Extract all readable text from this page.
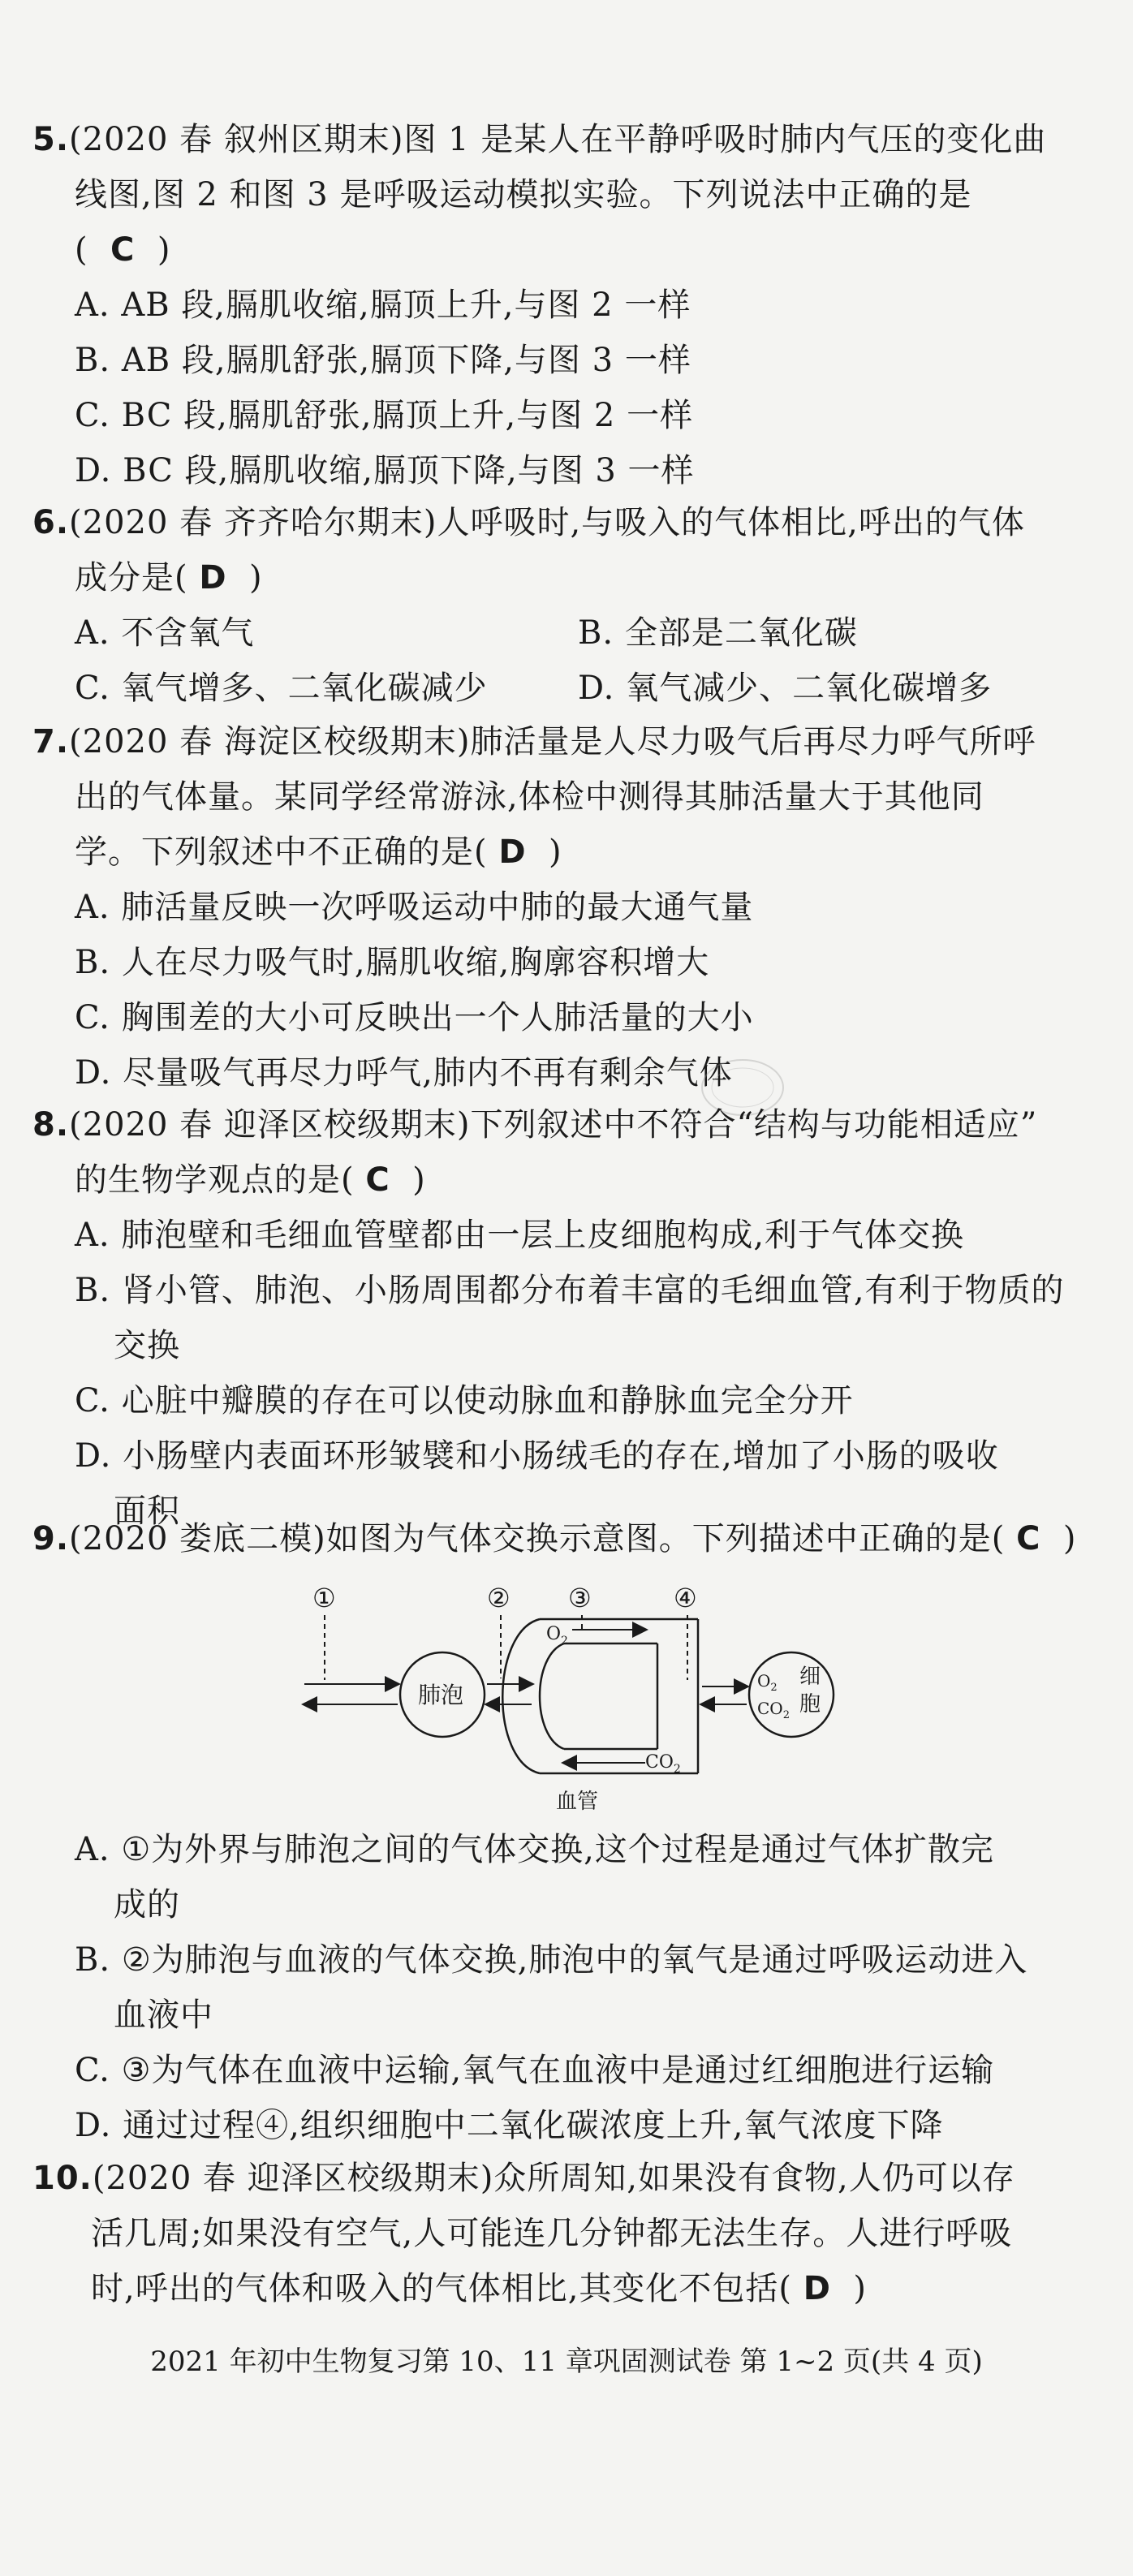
5.(2020 春 叙州区期末)图 1 是某人在平静呼吸时肺内气压的变化曲
线图,图 2 和图 3 是呼吸运动模拟实验。下列说法中正确的是
( C )
A. AB 段,膈肌收缩,膈顶上升,与图 2 一样
B. AB 段,膈肌舒张,膈顶下降,与图 3 一样
C. BC 段,膈肌舒张,膈顶上升,与图 2 一样
D. BC 段,膈肌收缩,膈顶下降,与图 3 一样
6.(2020 春 齐齐哈尔期末)人呼吸时,与吸入的气体相比,呼出的气体
成分是( D )
A. 不含氧气	B. 全部是二氧化碳
C. 氧气增多、二氧化碳减少	D. 氧气减少、二氧化碳增多
7.(2020 春 海淀区校级期末)肺活量是人尽力吸气后再尽力呼气所呼
出的气体量。某同学经常游泳,体检中测得其肺活量大于其他同
学。下列叙述中不正确的是( D )
A. 肺活量反映一次呼吸运动中肺的最大通气量
B. 人在尽力吸气时,膈肌收缩,胸廓容积增大
C. 胸围差的大小可反映出一个人肺活量的大小
D. 尽量吸气再尽力呼气,肺内不再有剩余气体
8.(2020 春 迎泽区校级期末)下列叙述中不符合“结构与功能相适应”
的生物学观点的是( C )
A. 肺泡壁和毛细血管壁都由一层上皮细胞构成,利于气体交换
B. 肾小管、肺泡、小肠周围都分布着丰富的毛细血管,有利于物质的
交换
C. 心脏中瓣膜的存在可以使动脉血和静脉血完全分开
D. 小肠壁内表面环形皱襞和小肠绒毛的存在,增加了小肠的吸收
面积
9.(2020 娄底二模)如图为气体交换示意图。下列描述中正确的是( C )
①	② ③	④
肺泡
$O_2$
$CO_2$
$O_2$
$CO_2$
细
胞
血管
A. ①为外界与肺泡之间的气体交换,这个过程是通过气体扩散完
成的
B. ②为肺泡与血液的气体交换,肺泡中的氧气是通过呼吸运动进入
血液中
C. ③为气体在血液中运输,氧气在血液中是通过红细胞进行运输
D. 通过过程④,组织细胞中二氧化碳浓度上升,氧气浓度下降
10.(2020 春 迎泽区校级期末)众所周知,如果没有食物,人仍可以存
活几周;如果没有空气,人可能连几分钟都无法生存。人进行呼吸
时,呼出的气体和吸入的气体相比,其变化不包括( D )
2021 年初中生物复习第 10、11 章巩固测试卷 第 1~2 页(共 4 页)
